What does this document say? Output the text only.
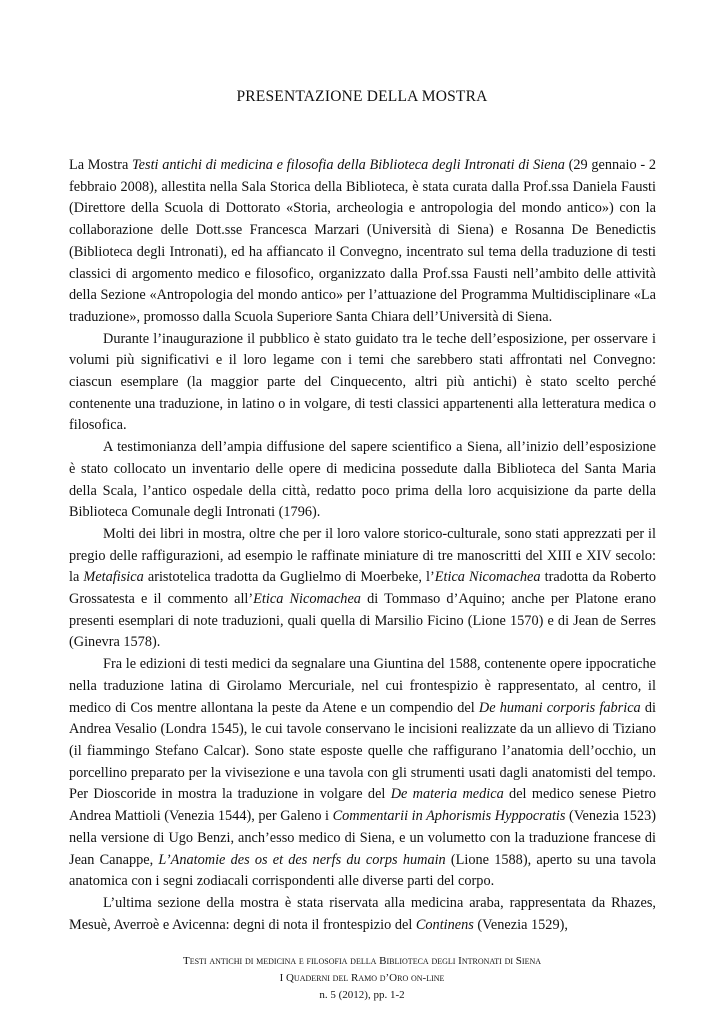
PRESENTAZIONE DELLA MOSTRA

La Mostra Testi antichi di medicina e filosofia della Biblioteca degli Intronati di Siena (29 gennaio - 2 febbraio 2008), allestita nella Sala Storica della Biblioteca, è stata curata dalla Prof.ssa Daniela Fausti (Direttore della Scuola di Dottorato «Storia, archeologia e antropologia del mondo antico») con la collaborazione delle Dott.sse Francesca Marzari (Università di Siena) e Rosanna De Benedictis (Biblioteca degli Intronati), ed ha affiancato il Convegno, incentrato sul tema della traduzione di testi classici di argomento medico e filosofico, organizzato dalla Prof.ssa Fausti nell’ambito delle attività della Sezione «Antropologia del mondo antico» per l’attuazione del Programma Multidisciplinare «La traduzione», promosso dalla Scuola Superiore Santa Chiara dell’Università di Siena.

Durante l’inaugurazione il pubblico è stato guidato tra le teche dell’esposizione, per osservare i volumi più significativi e il loro legame con i temi che sarebbero stati affrontati nel Convegno: ciascun esemplare (la maggior parte del Cinquecento, altri più antichi) è stato scelto perché contenente una traduzione, in latino o in volgare, di testi classici appartenenti alla letteratura medica o filosofica.

A testimonianza dell’ampia diffusione del sapere scientifico a Siena, all’inizio dell’esposizione è stato collocato un inventario delle opere di medicina possedute dalla Biblioteca del Santa Maria della Scala, l’antico ospedale della città, redatto poco prima della loro acquisizione da parte della Biblioteca Comunale degli Intronati (1796).

Molti dei libri in mostra, oltre che per il loro valore storico-culturale, sono stati apprezzati per il pregio delle raffigurazioni, ad esempio le raffinate miniature di tre manoscritti del XIII e XIV secolo: la Metafisica aristotelica tradotta da Guglielmo di Moerbeke, l’Etica Nicomachea tradotta da Roberto Grossatesta e il commento all’Etica Nicomachea di Tommaso d’Aquino; anche per Platone erano presenti esemplari di note traduzioni, quali quella di Marsilio Ficino (Lione 1570) e di Jean de Serres (Ginevra 1578).

Fra le edizioni di testi medici da segnalare una Giuntina del 1588, contenente opere ippocratiche nella traduzione latina di Girolamo Mercuriale, nel cui frontespizio è rappresentato, al centro, il medico di Cos mentre allontana la peste da Atene e un compendio del De humani corporis fabrica di Andrea Vesalio (Londra 1545), le cui tavole conservano le incisioni realizzate da un allievo di Tiziano (il fiammingo Stefano Calcar). Sono state esposte quelle che raffigurano l’anatomia dell’occhio, un porcellino preparato per la vivisezione e una tavola con gli strumenti usati dagli anatomisti del tempo. Per Dioscoride in mostra la traduzione in volgare del De materia medica del medico senese Pietro Andrea Mattioli (Venezia 1544), per Galeno i Commentarii in Aphorismis Hyppocratis (Venezia 1523) nella versione di Ugo Benzi, anch’esso medico di Siena, e un volumetto con la traduzione francese di Jean Canappe, L’Anatomie des os et des nerfs du corps humain (Lione 1588), aperto su una tavola anatomica con i segni zodiacali corrispondenti alle diverse parti del corpo.

L’ultima sezione della mostra è stata riservata alla medicina araba, rappresentata da Rhazes, Mesuè, Averroè e Avicenna: degni di nota il frontespizio del Continens (Venezia 1529),

Testi antichi di medicina e filosofia della Biblioteca degli Intronati di Siena
I Quaderni del Ramo d’Oro on-line
n. 5 (2012), pp. 1-2
